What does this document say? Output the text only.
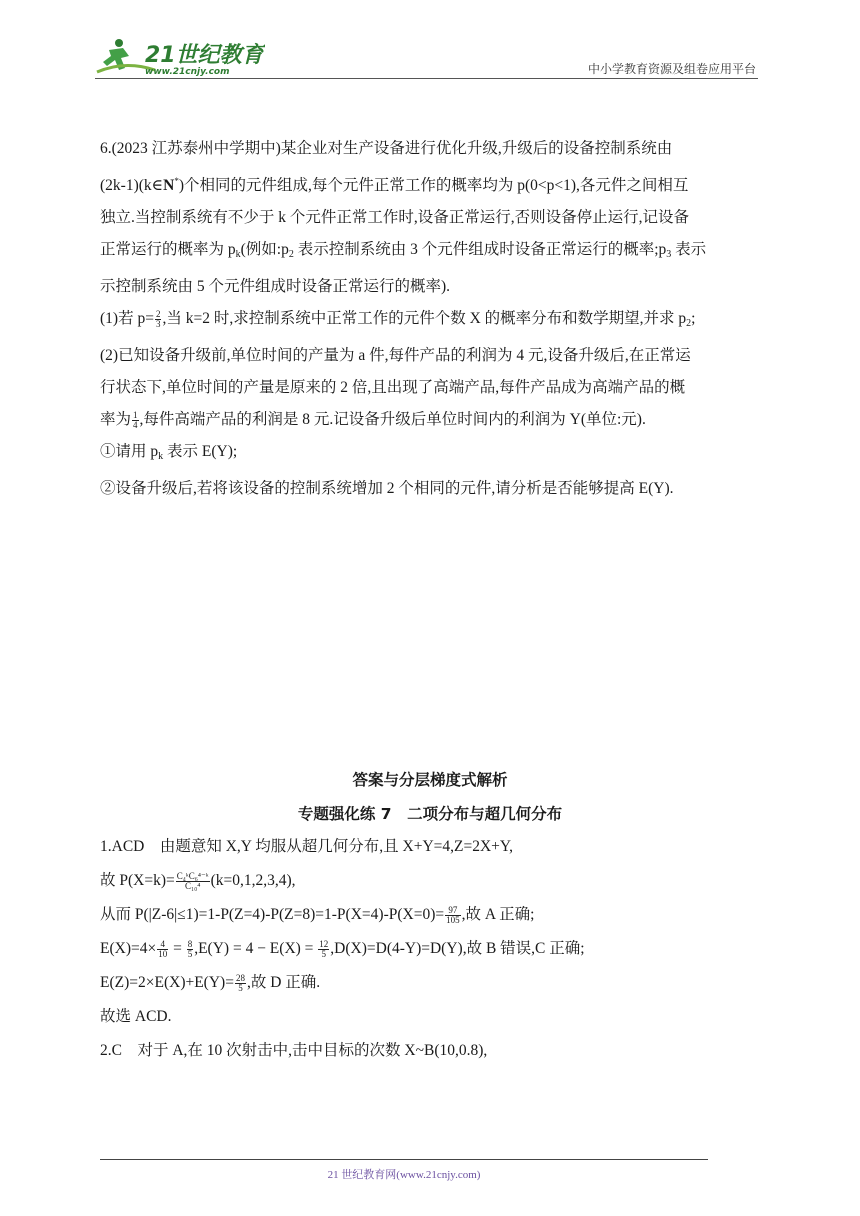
21世纪教育
www.21cnjy.com	中小学教育资源及组卷应用平台

6.(2023 江苏泰州中学期中)某企业对生产设备进行优化升级,升级后的设备控制系统由

(2k-1)(k∈N*)个相同的元件组成,每个元件正常工作的概率均为 p(0<p<1),各元件之间相互

独立.当控制系统有不少于 k 个元件正常工作时,设备正常运行,否则设备停止运行,记设备

正常运行的概率为 $p_k$(例如$:p_2$ 表示控制系统由 3 个元件组成时设备正常运行的概率$;p_3$ 表示

示控制系统由 5 个元件组成时设备正常运行的概率).

(1)若 $p= \frac{2}{3}$ ,当 k=2 时,求控制系统中正常工作的元件个数 X 的概率分布和数学期望,并求 $p_2$;

(2)已知设备升级前,单位时间的产量为 a 件,每件产品的利润为 4 元,设备升级后,在正常运

行状态下,单位时间的产量是原来的 2 倍,且出现了高端产品,每件产品成为高端产品的概

率为 $\frac{1}{4}$ ,每件高端产品的利润是 8 元.记设备升级后单位时间内的利润为 Y(单位:元).

①请用 $p_k$ 表示 E(Y);

②设备升级后,若将该设备的控制系统增加 2 个相同的元件,请分析是否能够提高 E(Y).

答案与分层梯度式解析
专题强化练 7　二项分布与超几何分布

1.ACD　由题意知 X,Y 均服从超几何分布,且 X+Y=4,Z=2X+Y,

故 $P(X=k)= \frac{\text{C₄ᵏC₆⁴⁻ᵏ}}{\text{C₁₀⁴}} (k=0,1,2,3,4)$,

从而 $P(|Z-6|\le 1)=1-P(Z=4)-P(Z=8)=1-P(X=4)-P(X=0)= \frac{97}{105}$ ,故 A 正确;

$E(X)=4\times \frac{4}{10} = \frac{8}{5} ,E(Y) = 4 - E(X) = \frac{12}{5} ,D(X)=D(4-Y)=D(Y)$,故 B 错误,C 正确;

$E(Z)=2\times E(X)+E(Y)= \frac{28}{5}$ ,故 D 正确.

故选 ACD.

2.C　对于 A,在 10 次射击中,击中目标的次数 X~B(10,0.8),

21 世纪教育网(www.21cnjy.com)
